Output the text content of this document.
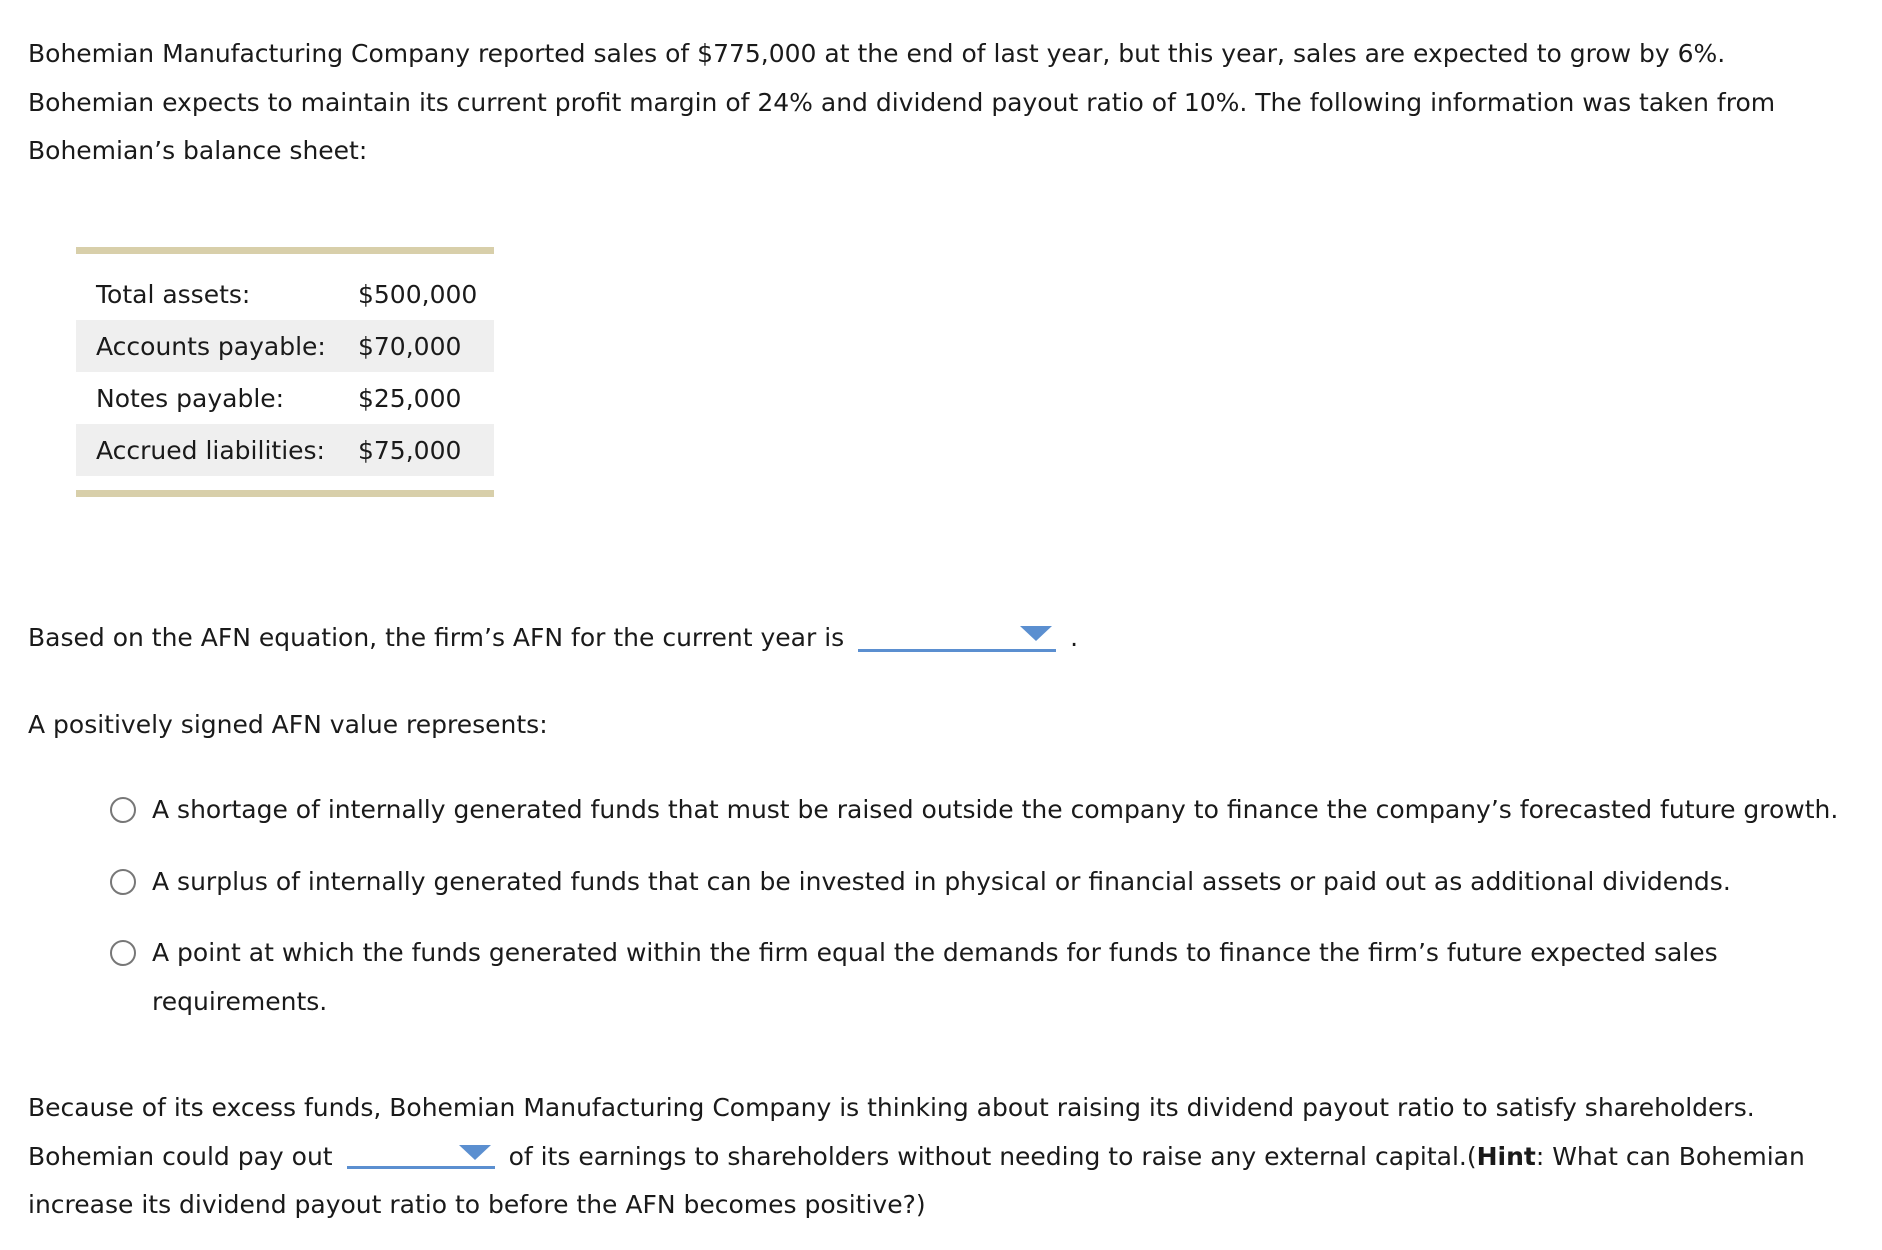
Bohemian Manufacturing Company reported sales of $775,000 at the end of last year, but this year, sales are expected to grow by 6%. Bohemian expects to maintain its current profit margin of 24% and dividend payout ratio of 10%. The following information was taken from Bohemian’s balance sheet:

Total assets:	$500,000
Accounts payable:	$70,000
Notes payable:	$25,000
Accrued liabilities:	$75,000

Based on the AFN equation, the firm’s AFN for the current year is	.

A positively signed AFN value represents:

A shortage of internally generated funds that must be raised outside the company to finance the company’s forecasted future growth.
A surplus of internally generated funds that can be invested in physical or financial assets or paid out as additional dividends.
A point at which the funds generated within the firm equal the demands for funds to finance the firm’s future expected sales requirements.

Because of its excess funds, Bohemian Manufacturing Company is thinking about raising its dividend payout ratio to satisfy shareholders. Bohemian could pay out	of its earnings to shareholders without needing to raise any external capital.(Hint: What can Bohemian increase its dividend payout ratio to before the AFN becomes positive?)
